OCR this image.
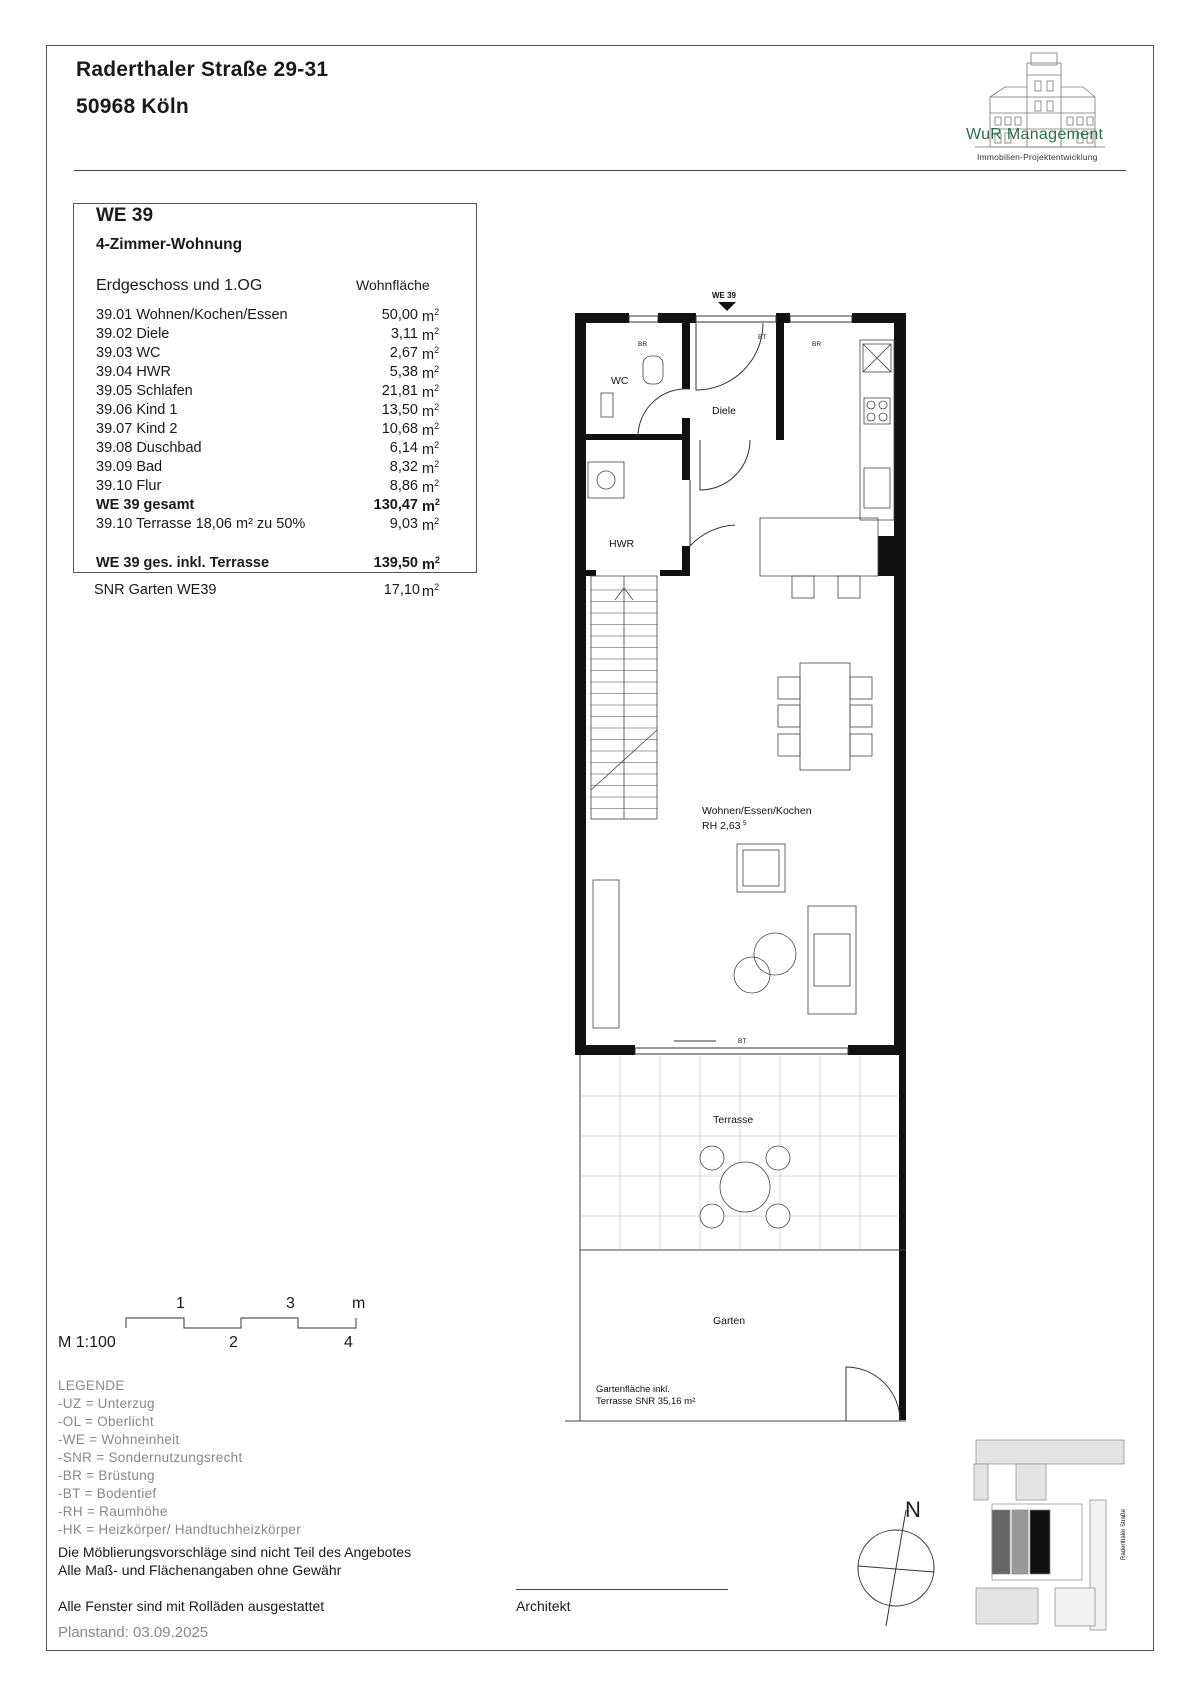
Raderthaler Straße 29-31
50968 Köln
WuR Management
Immobilien-Projektentwicklung
WE 39
4-Zimmer-Wohnung
Erdgeschoss und 1.OG	Wohnfläche
39.01 Wohnen/Kochen/Essen	50,00 $m^2$
39.02 Diele	3,11 $m^2$
39.03 WC	2,67 $m^2$
39.04 HWR	5,38 $m^2$
39.05 Schlafen	21,81 $m^2$
39.06 Kind 1	13,50 $m^2$
39.07 Kind 2	10,68 $m^2$
39.08 Duschbad	6,14 $m^2$
39.09 Bad	8,32 $m^2$
39.10 Flur	8,86 $m^2$
WE 39 gesamt	130,47 $m^2$
39.10 Terrasse 18,06 m² zu 50%	9,03 $m^2$
WE 39 ges. inkl. Terrasse	139,50 $m^2$
SNR Garten WE39	17,10 $m^2$
BR
BT
BR
BT
WE 39
WC
Diele
HWR
Wohnen/Essen/Kochen
RH 2,63 5
Terrasse
Garten
Gartenfläche inkl.
Terrasse SNR 35,16 m²
Raderthaler Straße
1
2
3
4
m
M 1:100
LEGENDE
-UZ = Unterzug
-OL = Oberlicht
-WE = Wohneinheit
-SNR = Sondernutzungsrecht
-BR = Brüstung
-BT = Bodentief
-RH = Raumhöhe
-HK = Heizkörper/ Handtuchheizkörper
Die Möblierungsvorschläge sind nicht Teil des Angebotes
Alle Maß- und Flächenangaben ohne Gewähr
Alle Fenster sind mit Rolläden ausgestattet
Planstand: 03.09.2025
Architekt
N
